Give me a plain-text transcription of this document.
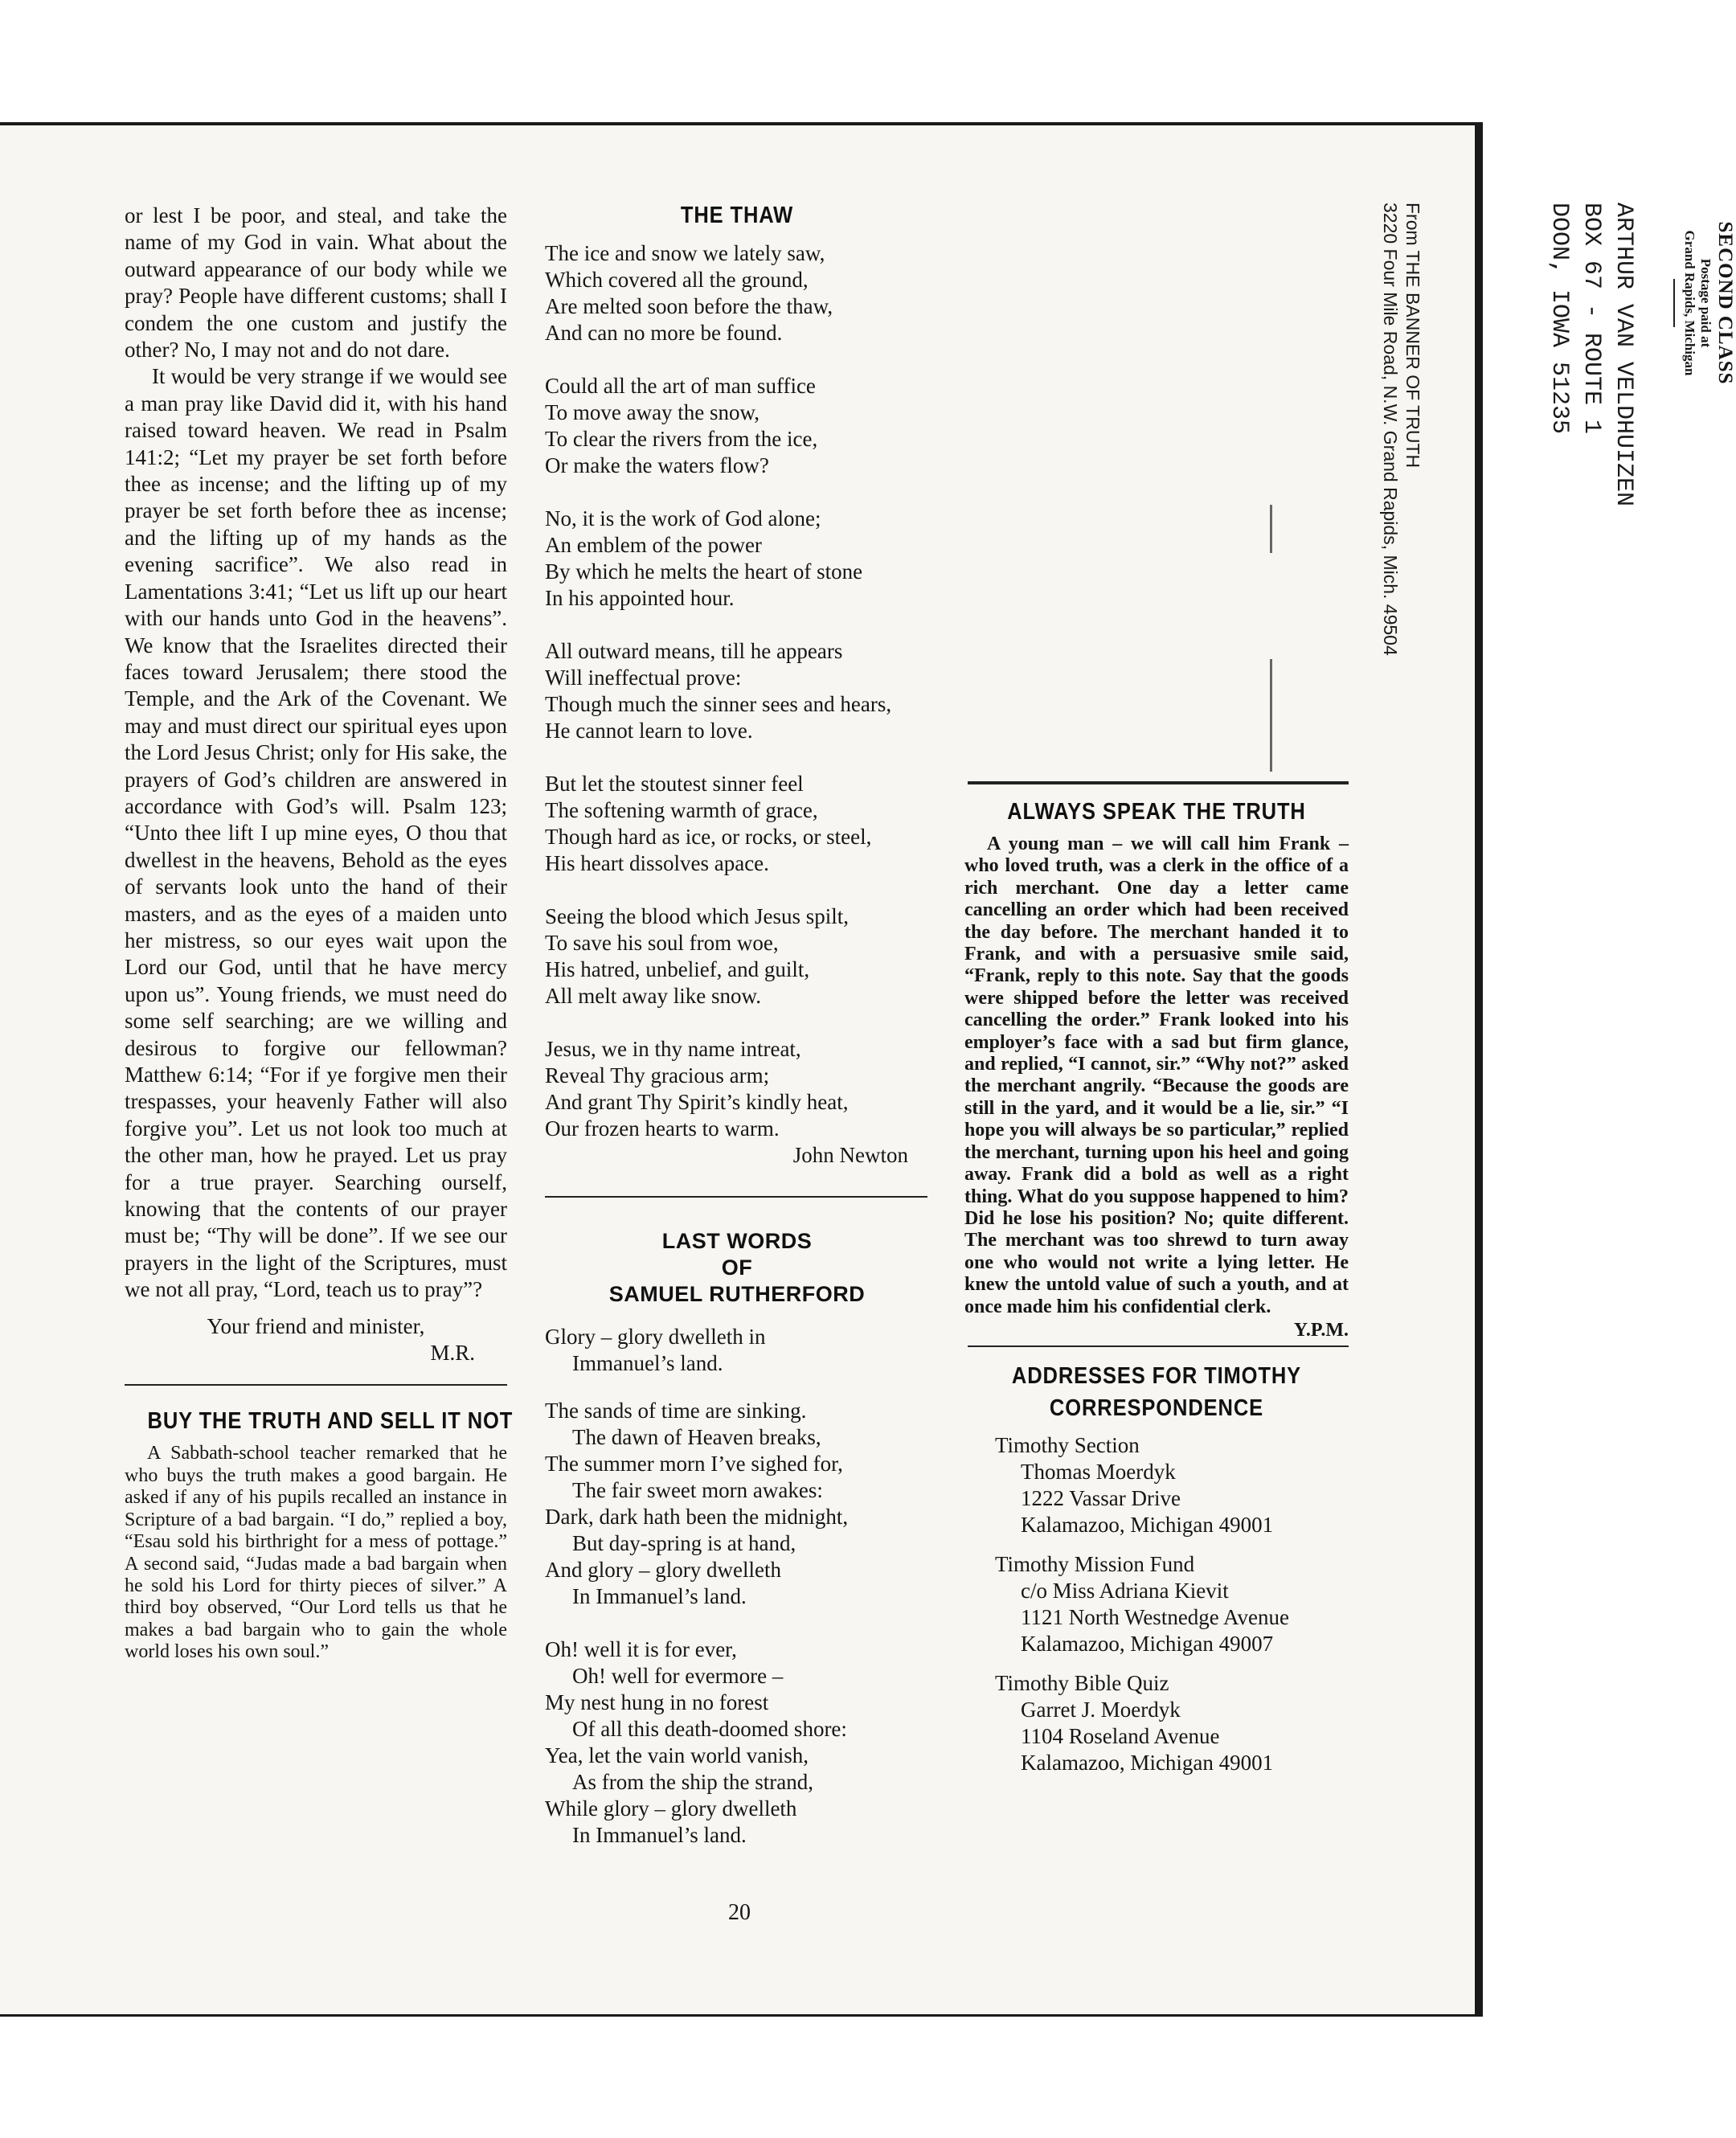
or lest I be poor, and steal, and take the name of my God in vain. What about the outward appearance of our body while we pray? People have different customs; shall I condem the one custom and justify the other? No, I may not and do not dare.

It would be very strange if we would see a man pray like David did it, with his hand raised toward heaven. We read in Psalm 141:2; “Let my prayer be set forth before thee as incense; and the lifting up of my prayer be set forth before thee as incense; and the lifting up of my hands as the evening sacrifice”. We also read in Lamentations 3:41; “Let us lift up our heart with our hands unto God in the heavens”. We know that the Israelites directed their faces toward Jerusalem; there stood the Temple, and the Ark of the Covenant. We may and must direct our spiritual eyes upon the Lord Jesus Christ; only for His sake, the prayers of God’s children are answered in accordance with God’s will. Psalm 123; “Unto thee lift I up mine eyes, O thou that dwellest in the heavens, Behold as the eyes of servants look unto the hand of their masters, and as the eyes of a maiden unto her mistress, so our eyes wait upon the Lord our God, until that he have mercy upon us”. Young friends, we must need do some self searching; are we willing and desirous to forgive our fellowman? Matthew 6:14; “For if ye forgive men their trespasses, your heavenly Father will also forgive you”. Let us not look too much at the other man, how he prayed. Let us pray for a true prayer. Searching ourself, knowing that the contents of our prayer must be; “Thy will be done”. If we see our prayers in the light of the Scriptures, must we not all pray, “Lord, teach us to pray”?

Your friend and minister,
M.R.
BUY THE TRUTH AND SELL IT NOT

A Sabbath-school teacher remarked that he who buys the truth makes a good bargain. He asked if any of his pupils recalled an instance in Scripture of a bad bargain. “I do,” replied a boy, “Esau sold his birthright for a mess of pottage.” A second said, “Judas made a bad bargain when he sold his Lord for thirty pieces of silver.” A third boy observed, “Our Lord tells us that he makes a bad bargain who to gain the whole world loses his own soul.”

THE THAW
The ice and snow we lately saw,
Which covered all the ground,
Are melted soon before the thaw,
And can no more be found.
Could all the art of man suffice
To move away the snow,
To clear the rivers from the ice,
Or make the waters flow?
No, it is the work of God alone;
An emblem of the power
By which he melts the heart of stone
In his appointed hour.
All outward means, till he appears
Will ineffectual prove:
Though much the sinner sees and hears,
He cannot learn to love.
But let the stoutest sinner feel
The softening warmth of grace,
Though hard as ice, or rocks, or steel,
His heart dissolves apace.
Seeing the blood which Jesus spilt,
To save his soul from woe,
His hatred, unbelief, and guilt,
All melt away like snow.
Jesus, we in thy name intreat,
Reveal Thy gracious arm;
And grant Thy Spirit’s kindly heat,
Our frozen hearts to warm.
John Newton
LAST WORDS
OF
SAMUEL RUTHERFORD
Glory – glory dwelleth in
Immanuel’s land.
The sands of time are sinking.
The dawn of Heaven breaks,
The summer morn I’ve sighed for,
The fair sweet morn awakes:
Dark, dark hath been the midnight,
But day-spring is at hand,
And glory – glory dwelleth
In Immanuel’s land.
Oh! well it is for ever,
Oh! well for evermore –
My nest hung in no forest
Of all this death-doomed shore:
Yea, let the vain world vanish,
As from the ship the strand,
While glory – glory dwelleth
In Immanuel’s land.
SECOND CLASS
Postage paid at
Grand Rapids, Michigan
ARTHUR VAN VELDHUIZEN
BOX 67 - ROUTE 1
DOON, IOWA 51235
From THE BANNER OF TRUTH
3220 Four Mile Road, N.W. Grand Rapids, Mich. 49504
ALWAYS SPEAK THE TRUTH

A young man – we will call him Frank – who loved truth, was a clerk in the office of a rich merchant. One day a letter came cancelling an order which had been received the day before. The merchant handed it to Frank, and with a persuasive smile said, “Frank, reply to this note. Say that the goods were shipped before the letter was received cancelling the order.” Frank looked into his employer’s face with a sad but firm glance, and replied, “I cannot, sir.” “Why not?” asked the merchant angrily. “Because the goods are still in the yard, and it would be a lie, sir.” “I hope you will always be so particular,” replied the merchant, turning upon his heel and going away. Frank did a bold as well as a right thing. What do you suppose happened to him? Did he lose his position? No; quite different. The merchant was too shrewd to turn away one who would not write a lying letter. He knew the untold value of such a youth, and at once made him his confidential clerk.

Y.P.M.
ADDRESSES FOR TIMOTHY
CORRESPONDENCE
Timothy Section
Thomas Moerdyk
1222 Vassar Drive
Kalamazoo, Michigan 49001
Timothy Mission Fund
c/o Miss Adriana Kievit
1121 North Westnedge Avenue
Kalamazoo, Michigan 49007
Timothy Bible Quiz
Garret J. Moerdyk
1104 Roseland Avenue
Kalamazoo, Michigan 49001
20
